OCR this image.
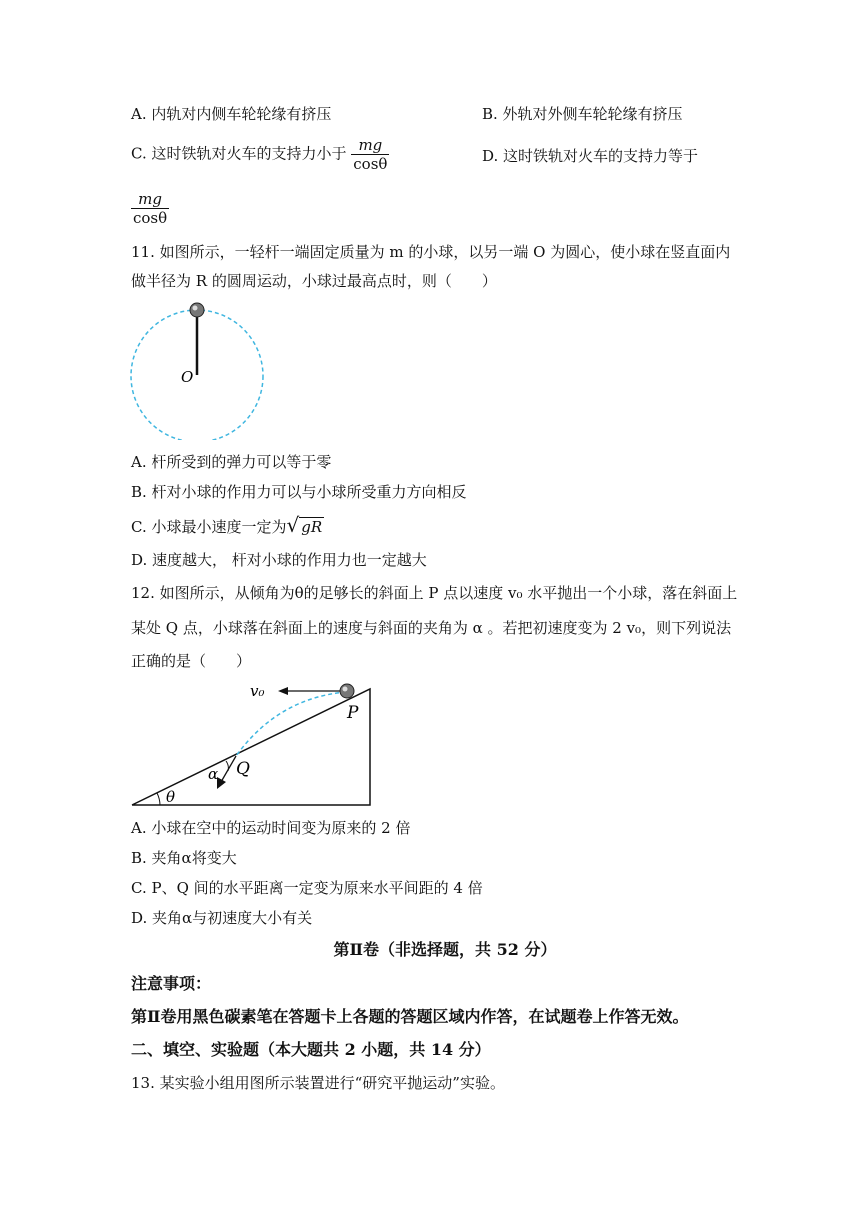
A. 内轨对内侧车轮轮缘有挤压	B. 外轨对外侧车轮轮缘有挤压
C. 这时铁轨对火车的支持力小于 $\frac{mg}{\cos\theta}$	D. 这时铁轨对火车的支持力等于
$\frac{mg}{\cos\theta}$
11. 如图所示，一轻杆一端固定质量为 m 的小球，以另一端 O 为圆心，使小球在竖直面内
做半径为 R 的圆周运动，小球过最高点时，则（　　）
O
A. 杆所受到的弹力可以等于零
B. 杆对小球的作用力可以与小球所受重力方向相反
C. 小球最小速度一定为√ gR
D. 速度越大， 杆对小球的作用力也一定越大
12. 如图所示，从倾角为θ的足够长的斜面上 P 点以速度 v₀ 水平抛出一个小球，落在斜面上
某处 Q 点，小球落在斜面上的速度与斜面的夹角为 α 。若把初速度变为 2 v₀，则下列说法
正确的是（　　）
θ
v₀
P
α Q
A. 小球在空中的运动时间变为原来的 2 倍
B. 夹角α将变大
C. P、Q 间的水平距离一定变为原来水平间距的 4 倍
D. 夹角α与初速度大小有关
第Ⅱ卷（非选择题，共 52 分）
注意事项：
第Ⅱ卷用黑色碳素笔在答题卡上各题的答题区域内作答，在试题卷上作答无效。
二、填空、实验题（本大题共 2 小题，共 14 分）
13. 某实验小组用图所示装置进行“研究平抛运动”实验。
